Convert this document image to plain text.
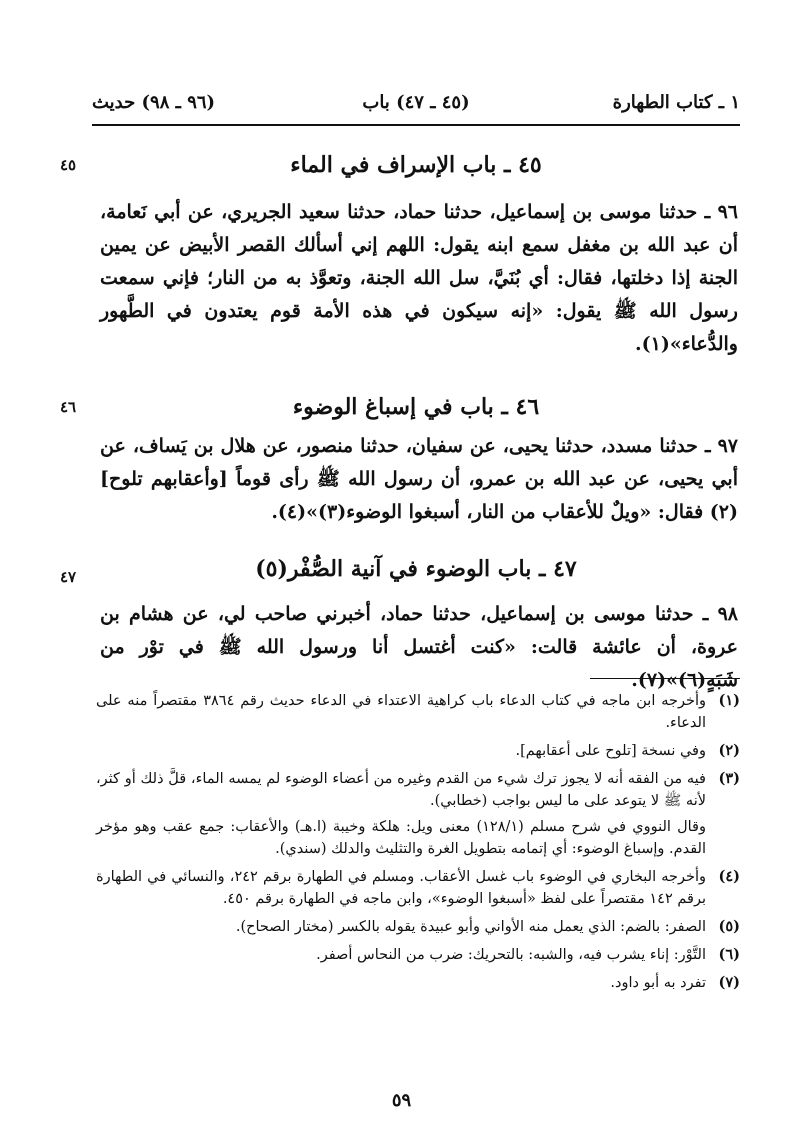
١ ـ كتاب الطهارة
(٤٥ ـ ٤٧) باب
(٩٦ ـ ٩٨) حديث
٤٥	٤٥ ـ باب الإسراف في الماء

٩٦ ـ حدثنا موسى بن إسماعيل، حدثنا حماد، حدثنا سعيد الجريري، عن أبي نَعامة، أن عبد الله بن مغفل سمع ابنه يقول: اللهم إني أسألك القصر الأبيض عن يمين الجنة إذا دخلتها، فقال: أي بُنَيَّ، سل الله الجنة، وتعوَّذ به من النار؛ فإني سمعت رسول الله ﷺ يقول: «إنه سيكون في هذه الأمة قوم يعتدون في الطَّهور والدُّعاء»(١).

٤٦	٤٦ ـ باب في إسباغ الوضوء

٩٧ ـ حدثنا مسدد، حدثنا يحيى، عن سفيان، حدثنا منصور، عن هلال بن يَساف، عن أبي يحيى، عن عبد الله بن عمرو، أن رسول الله ﷺ رأى قوماً [وأعقابهم تلوح](٢) فقال: «ويلٌ للأعقاب من النار، أسبغوا الوضوء(٣)»(٤).

٤٧	٤٧ ـ باب الوضوء في آنية الصُّفْر(٥)

٩٨ ـ حدثنا موسى بن إسماعيل، حدثنا حماد، أخبرني صاحب لي، عن هشام بن عروة، أن عائشة قالت: «كنت أغتسل أنا ورسول الله ﷺ في توْر من شَبَهٍ(٦)»(٧).

(١)
وأخرجه ابن ماجه في كتاب الدعاء باب كراهية الاعتداء في الدعاء حديث رقم ٣٨٦٤ مقتصراً منه على الدعاء.
(٢)
وفي نسخة [تلوح على أعقابهم].
(٣)
فيه من الفقه أنه لا يجوز ترك شيء من القدم وغيره من أعضاء الوضوء لم يمسه الماء، قلَّ ذلك أو كثر، لأنه ﷺ لا يتوعد على ما ليس بواجب (خطابي).
وقال النووي في شرح مسلم (١٢٨/١) معنى ويل: هلكة وخيبة (ا.هـ) والأعقاب: جمع عقب وهو مؤخر القدم. وإسباغ الوضوء: أي إتمامه بتطويل الغرة والتثليث والدلك (سندي).
(٤)
وأخرجه البخاري في الوضوء باب غسل الأعقاب. ومسلم في الطهارة برقم ٢٤٢، والنسائي في الطهارة برقم ١٤٢ مقتصراً على لفظ «أسبغوا الوضوء»، وابن ماجه في الطهارة برقم ٤٥٠.
(٥)
الصفر: بالضم: الذي يعمل منه الأواني وأبو عبيدة يقوله بالكسر (مختار الصحاح).
(٦)
التَّوْر: إناء يشرب فيه، والشبه: بالتحريك: ضرب من النحاس أصفر.
(٧)
تفرد به أبو داود.
٥٩
